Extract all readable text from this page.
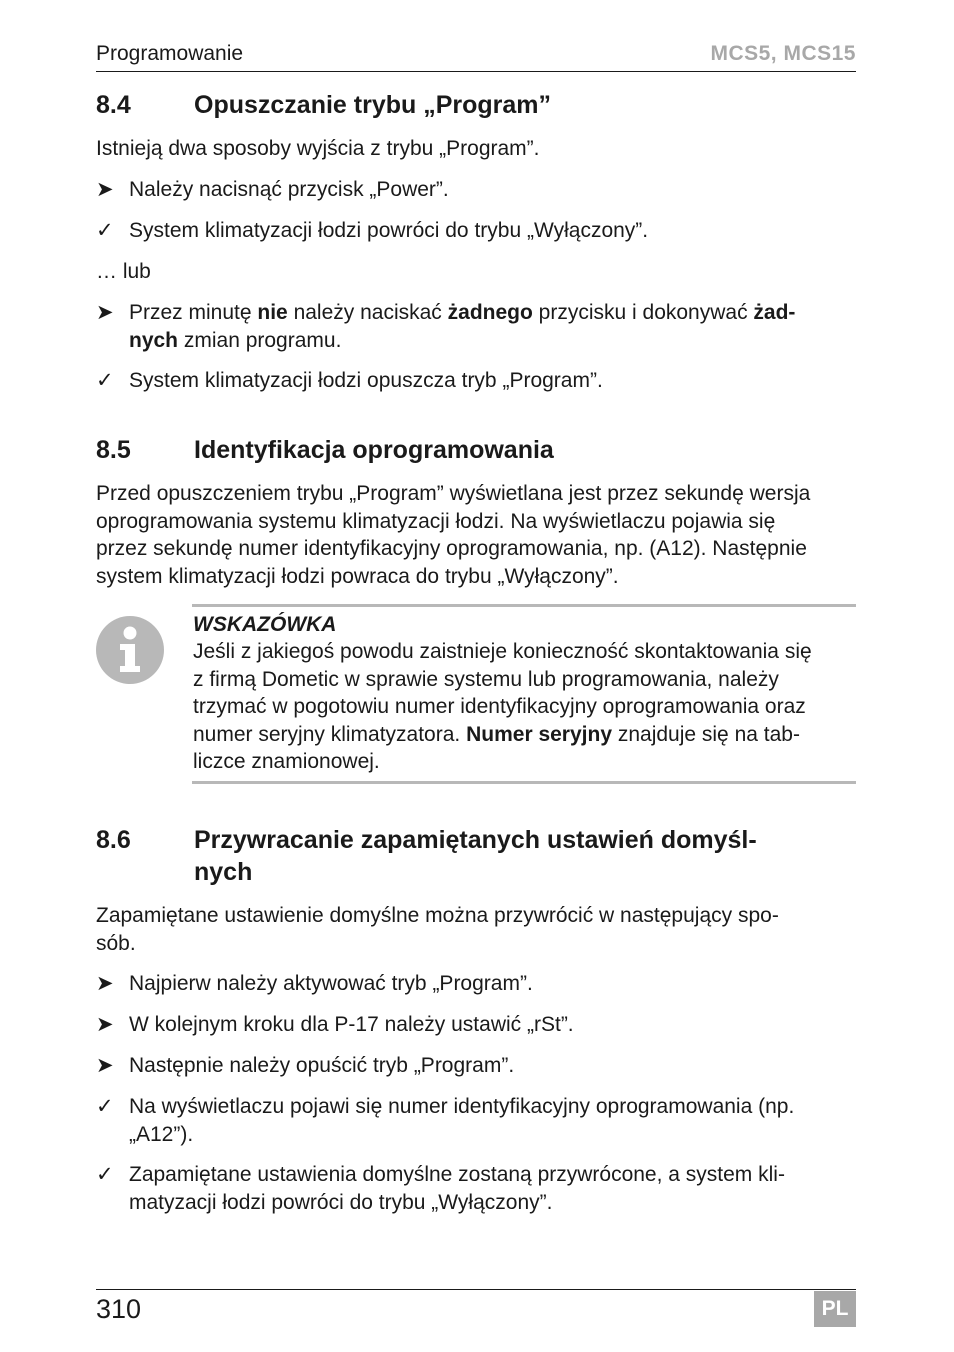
Programowanie	MCS5, MCS15
8.4	Opuszczanie trybu „Program”
Istnieją dwa sposoby wyjścia z trybu „Program”.
➤ Należy nacisnąć przycisk „Power”.
✓ System klimatyzacji łodzi powróci do trybu „Wyłączony”.
… lub
➤ Przez minutę nie należy naciskać żadnego przycisku i dokonywać żad-
nych zmian programu.
✓ System klimatyzacji łodzi opuszcza tryb „Program”.
8.5	Identyfikacja oprogramowania
Przed opuszczeniem trybu „Program” wyświetlana jest przez sekundę wersja
oprogramowania systemu klimatyzacji łodzi. Na wyświetlaczu pojawia się
przez sekundę numer identyfikacyjny oprogramowania, np. (A12). Następnie
system klimatyzacji łodzi powraca do trybu „Wyłączony”.
WSKAZÓWKA
Jeśli z jakiegoś powodu zaistnieje konieczność skontaktowania się
z firmą Dometic w sprawie systemu lub programowania, należy
trzymać w pogotowiu numer identyfikacyjny oprogramowania oraz
numer seryjny klimatyzatora. Numer seryjny znajduje się na tab-
liczce znamionowej.
8.6	Przywracanie zapamiętanych ustawień domyśl-
nych
Zapamiętane ustawienie domyślne można przywrócić w następujący spo-
sób.
➤ Najpierw należy aktywować tryb „Program”.
➤ W kolejnym kroku dla P-17 należy ustawić „rSt”.
➤ Następnie należy opuścić tryb „Program”.
✓ Na wyświetlaczu pojawi się numer identyfikacyjny oprogramowania (np.
„A12”).
✓ Zapamiętane ustawienia domyślne zostaną przywrócone, a system kli-
matyzacji łodzi powróci do trybu „Wyłączony”.
310	PL
